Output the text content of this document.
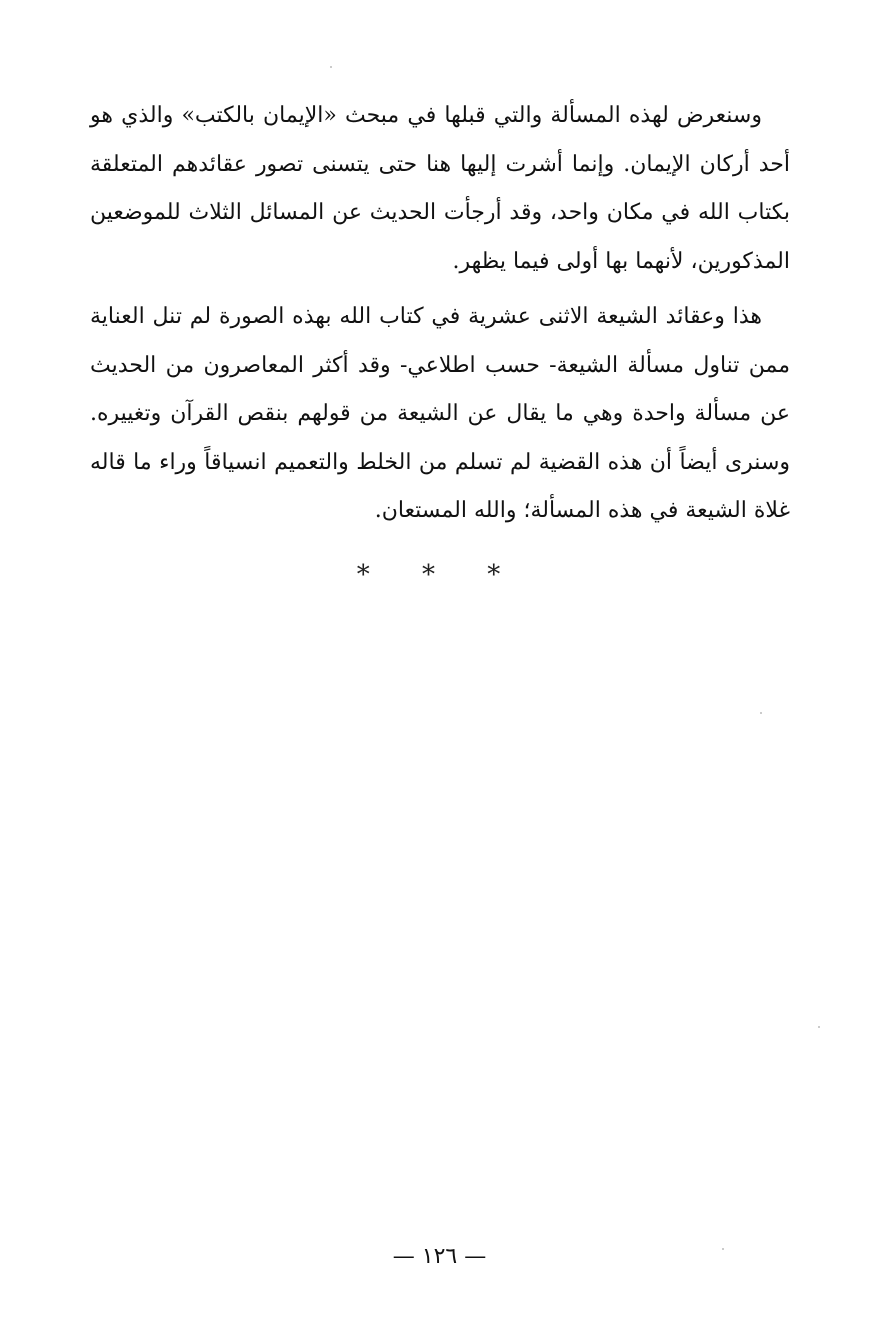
وسنعرض لهذه المسألة والتي قبلها في مبحث «الإيمان بالكتب» والذي هو أحد أركان الإيمان. وإنما أشرت إليها هنا حتى يتسنى تصور عقائدهم المتعلقة بكتاب الله في مكان واحد، وقد أرجأت الحديث عن المسائل الثلاث للموضعين المذكورين، لأنهما بها أولى فيما يظهر.

هذا وعقائد الشيعة الاثنى عشرية في كتاب الله بهذه الصورة لم تنل العناية ممن تناول مسألة الشيعة- حسب اطلاعي- وقد أكثر المعاصرون من الحديث عن مسألة واحدة وهي ما يقال عن الشيعة من قولهم بنقص القرآن وتغييره. وسنرى أيضاً أن هذه القضية لم تسلم من الخلط والتعميم انسياقاً وراء ما قاله غلاة الشيعة في هذه المسألة؛ والله المستعان.

* * *
— ١٢٦ —
